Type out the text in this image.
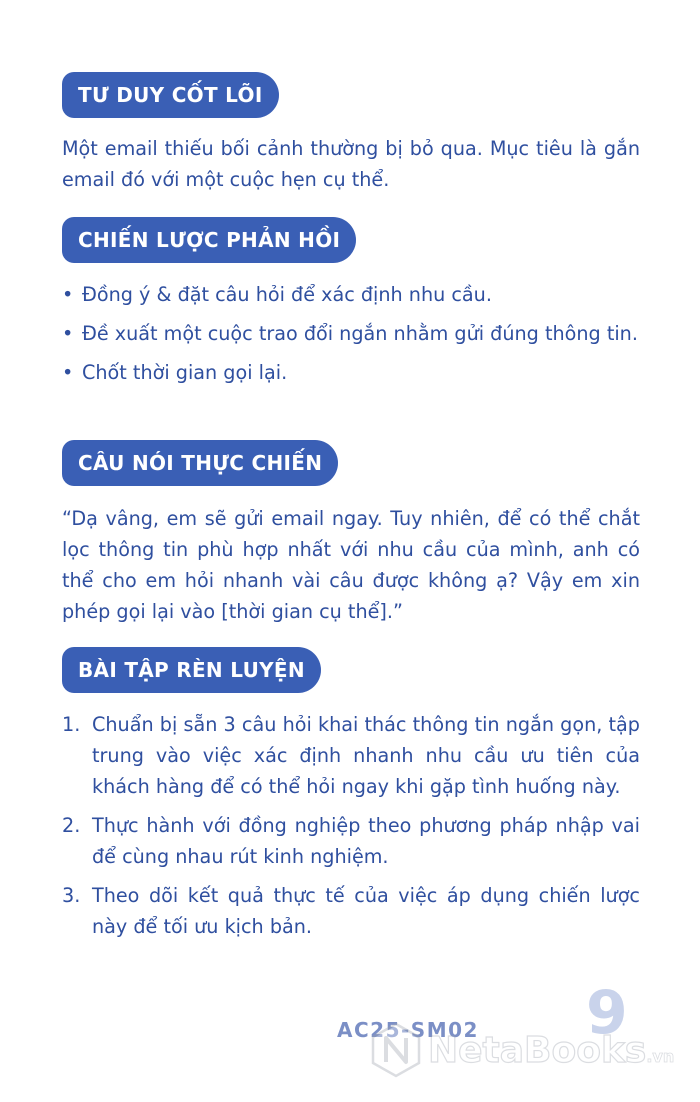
TƯ DUY CỐT LÕI
Một email thiếu bối cảnh thường bị bỏ qua. Mục tiêu là gắn email đó với một cuộc hẹn cụ thể.
CHIẾN LƯỢC PHẢN HỒI
• Đồng ý & đặt câu hỏi để xác định nhu cầu.
• Đề xuất một cuộc trao đổi ngắn nhằm gửi đúng thông tin.
• Chốt thời gian gọi lại.
CÂU NÓI THỰC CHIẾN
“Dạ vâng, em sẽ gửi email ngay. Tuy nhiên, để có thể chắt lọc thông tin phù hợp nhất với nhu cầu của mình, anh có thể cho em hỏi nhanh vài câu được không ạ? Vậy em xin phép gọi lại vào [thời gian cụ thể].”
BÀI TẬP RÈN LUYỆN
1. Chuẩn bị sẵn 3 câu hỏi khai thác thông tin ngắn gọn, tập trung vào việc xác định nhanh nhu cầu ưu tiên của khách hàng để có thể hỏi ngay khi gặp tình huống này.
2. Thực hành với đồng nghiệp theo phương pháp nhập vai để cùng nhau rút kinh nghiệm.
3. Theo dõi kết quả thực tế của việc áp dụng chiến lược này để tối ưu kịch bản.
9
AC25-SM02
NetaBooks.vn
